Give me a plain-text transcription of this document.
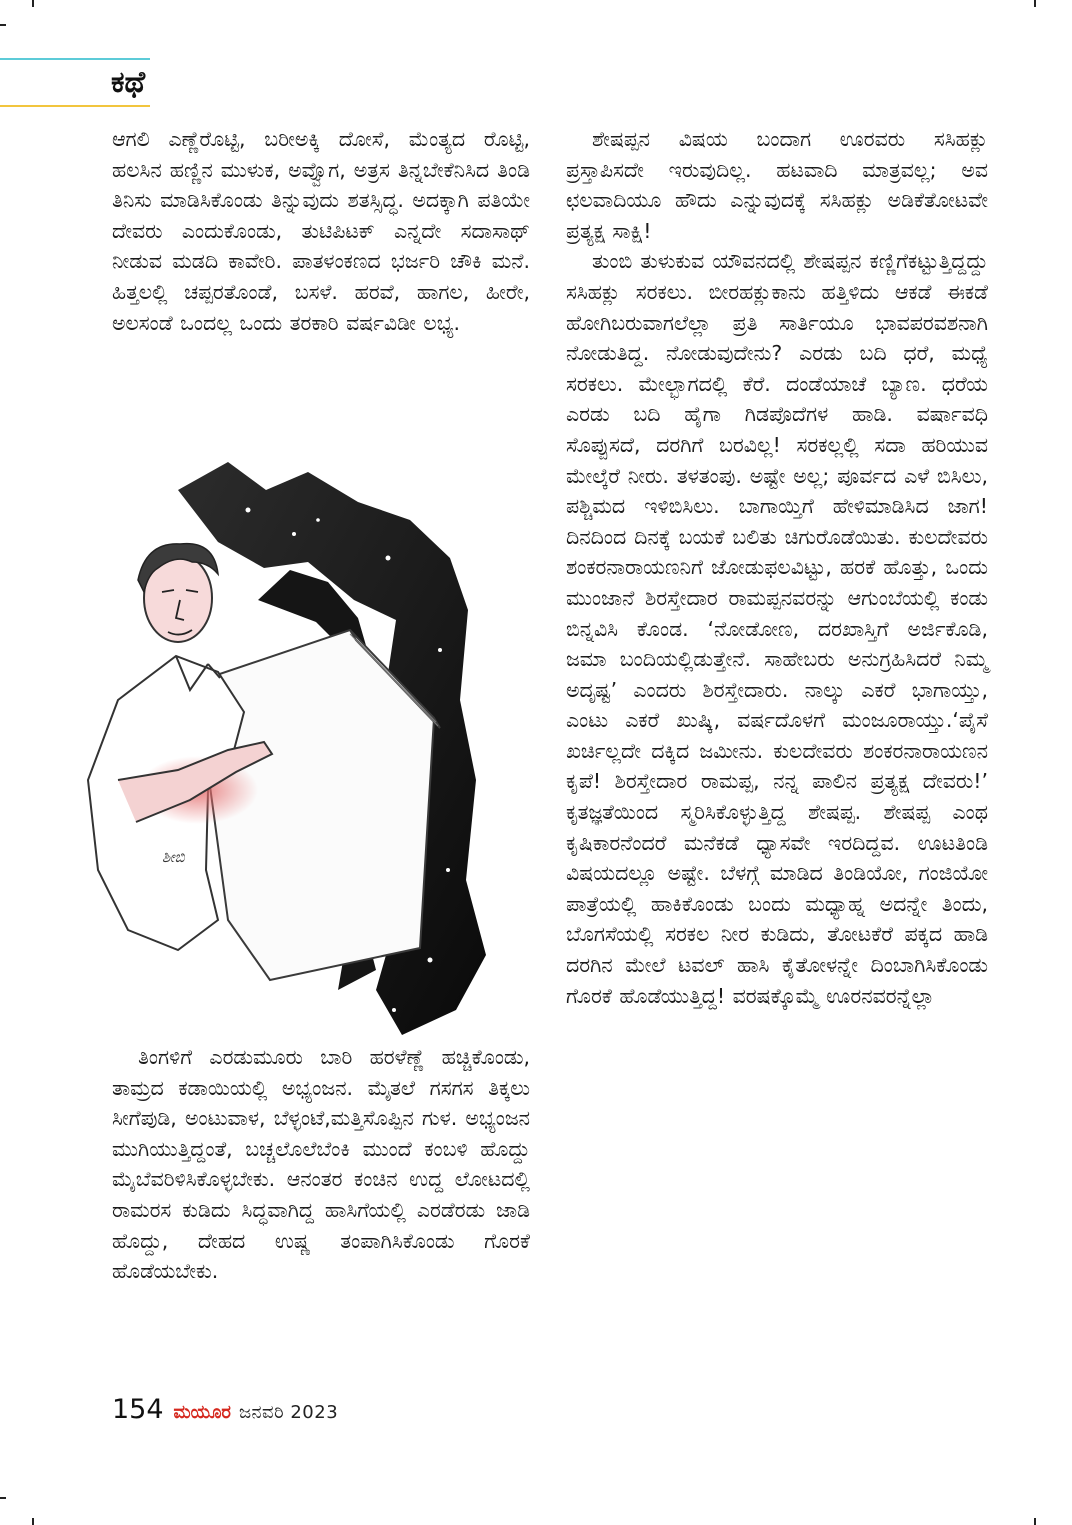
ಕಥೆ

ಆಗಲಿ ಎಣ್ಣೆರೊಟ್ಟಿ, ಬರೀಅಕ್ಕಿ ದೋಸೆ, ಮೆಂತ್ಯದ ರೊಟ್ಟಿ, ಹಲಸಿನ ಹಣ್ಣಿನ ಮುಳುಕ, ಅವ್ವೊಗ, ಅತ್ರಸ ತಿನ್ನಬೇಕೆನಿಸಿದ ತಿಂಡಿ ತಿನಿಸು ಮಾಡಿಸಿಕೊಂಡು ತಿನ್ನುವುದು ಶತಸ್ಸಿದ್ಧ. ಅದಕ್ಕಾಗಿ ಪತಿಯೇ ದೇವರು ಎಂದುಕೊಂಡು, ತುಟಿಪಿಟಕ್ ಎನ್ನದೇ ಸದಾಸಾಥ್ ನೀಡುವ ಮಡದಿ ಕಾವೇರಿ. ಪಾತಳಂಕಣದ ಭರ್ಜರಿ ಚೌಕಿ ಮನೆ. ಹಿತ್ತಲಲ್ಲಿ ಚಪ್ಪರತೊಂಡೆ, ಬಸಳೆ. ಹರವೆ, ಹಾಗಲ, ಹೀರೇ, ಅಲಸಂಡೆ ಒಂದಲ್ಲ ಒಂದು ತರಕಾರಿ ವರ್ಷವಿಡೀ ಲಭ್ಯ.

ಶೀಬಿ

ತಿಂಗಳಿಗೆ ಎರಡುಮೂರು ಬಾರಿ ಹರಳೆಣ್ಣೆ ಹಚ್ಚಿಕೊಂಡು, ತಾಮ್ರದ ಕಡಾಯಿಯಲ್ಲಿ ಅಭ್ಯಂಜನ. ಮೈತಲೆ ಗಸಗಸ ತಿಕ್ಕಲು ಸೀಗೆಪುಡಿ, ಅಂಟುವಾಳ, ಬೆಳ್ಳಂಟೆ,ಮತ್ತಿಸೊಪ್ಪಿನ ಗುಳ. ಅಭ್ಯಂಜನ ಮುಗಿಯುತ್ತಿದ್ದಂತೆ, ಬಚ್ಚಲೊಲೆಬೆಂಕಿ ಮುಂದೆ ಕಂಬಳಿ ಹೊದ್ದು ಮೈಬೆವರಿಳಿಸಿಕೊಳ್ಳಬೇಕು. ಆನಂತರ ಕಂಚಿನ ಉದ್ದ ಲೋಟದಲ್ಲಿ ರಾಮರಸ ಕುಡಿದು ಸಿದ್ಧವಾಗಿದ್ದ ಹಾಸಿಗೆಯಲ್ಲಿ ಎರಡೆರಡು ಜಾಡಿ ಹೊದ್ದು, ದೇಹದ ಉಷ್ಣ ತಂಪಾಗಿಸಿಕೊಂಡು ಗೊರಕೆ ಹೊಡೆಯಬೇಕು.

ಶೇಷಪ್ಪನ ವಿಷಯ ಬಂದಾಗ ಊರವರು ಸಸಿಹಕ್ಲು ಪ್ರಸ್ತಾಪಿಸದೇ ಇರುವುದಿಲ್ಲ. ಹಟವಾದಿ ಮಾತ್ರವಲ್ಲ; ಅವ ಛಲವಾದಿಯೂ ಹೌದು ಎನ್ನುವುದಕ್ಕೆ ಸಸಿಹಕ್ಲು ಅಡಿಕೆತೋಟವೇ ಪ್ರತ್ಯಕ್ಷ ಸಾಕ್ಷಿ!

ತುಂಬಿ ತುಳುಕುವ ಯೌವನದಲ್ಲಿ ಶೇಷಪ್ಪನ ಕಣ್ಣಿಗೆಕಟ್ಟುತ್ತಿದ್ದದ್ದು ಸಸಿಹಕ್ಲು ಸರಕಲು. ಬೀರಹಕ್ಲುಕಾನು ಹತ್ತಿಳಿದು ಆಕಡೆ ಈಕಡೆ ಹೋಗಿಬರುವಾಗಲೆಲ್ಲಾ ಪ್ರತಿ ಸಾರ್ತಿಯೂ ಭಾವಪರವಶನಾಗಿ ನೋಡುತಿದ್ದ. ನೋಡುವುದೇನು? ಎರಡು ಬದಿ ಧರೆ, ಮಧ್ಯೆ ಸರಕಲು. ಮೇಲ್ಭಾಗದಲ್ಲಿ ಕೆರೆ. ದಂಡೆಯಾಚೆ ಬ್ಯಾಣ. ಧರೆಯ ಎರಡು ಬದಿ ಹೈಗಾ ಗಿಡಪೊದೆಗಳ ಹಾಡಿ. ವರ್ಷಾವಧಿ ಸೊಪ್ಪುಸದೆ, ದರಗಿಗೆ ಬರವಿಲ್ಲ! ಸರಕಲ್ಲಲ್ಲಿ ಸದಾ ಹರಿಯುವ ಮೇಲ್ಕೆರೆ ನೀರು. ತಳತಂಪು. ಅಷ್ಟೇ ಅಲ್ಲ; ಪೂರ್ವದ ಎಳೆ ಬಿಸಿಲು, ಪಶ್ಚಿಮದ ಇಳಿಬಿಸಿಲು. ಬಾಗಾಯ್ತಿಗೆ ಹೇಳಿಮಾಡಿಸಿದ ಜಾಗ! ದಿನದಿಂದ ದಿನಕ್ಕೆ ಬಯಕೆ ಬಲಿತು ಚಿಗುರೊಡೆಯಿತು. ಕುಲದೇವರು ಶಂಕರನಾರಾಯಣನಿಗೆ ಜೋಡುಫಲವಿಟ್ಟು, ಹರಕೆ ಹೊತ್ತು, ಒಂದು ಮುಂಜಾನೆ ಶಿರಸ್ತೇದಾರ ರಾಮಪ್ಪನವರನ್ನು ಆಗುಂಬೆಯಲ್ಲಿ ಕಂಡು ಬಿನ್ನವಿಸಿ ಕೊಂಡ. ‘ನೋಡೋಣ, ದರಖಾಸ್ತಿಗೆ ಅರ್ಜಿಕೊಡಿ, ಜಮಾ ಬಂದಿಯಲ್ಲಿಡುತ್ತೇನೆ. ಸಾಹೇಬರು ಅನುಗ್ರಹಿಸಿದರೆ ನಿಮ್ಮ ಅದೃಷ್ಟ’ ಎಂದರು ಶಿರಸ್ತೇದಾರು. ನಾಲ್ಕು ಎಕರೆ ಭಾಗಾಯ್ತು, ಎಂಟು ಎಕರೆ ಖುಷ್ಕಿ, ವರ್ಷದೊಳಗೆ ಮಂಜೂರಾಯ್ತು.‘ಪೈಸೆ ಖರ್ಚಿಲ್ಲದೇ ದಕ್ಕಿದ ಜಮೀನು. ಕುಲದೇವರು ಶಂಕರನಾರಾಯಣನ ಕೃಪೆ! ಶಿರಸ್ತೇದಾರ ರಾಮಪ್ಪ, ನನ್ನ ಪಾಲಿನ ಪ್ರತ್ಯಕ್ಷ ದೇವರು!’ ಕೃತಜ್ಞತೆಯಿಂದ ಸ್ಮರಿಸಿಕೊಳ್ಳುತ್ತಿದ್ದ ಶೇಷಪ್ಪ. ಶೇಷಪ್ಪ ಎಂಥ ಕೃಷಿಕಾರನೆಂದರೆ ಮನೆಕಡೆ ಧ್ಯಾಸವೇ ಇರದಿದ್ದವ. ಊಟತಿಂಡಿ ವಿಷಯದಲ್ಲೂ ಅಷ್ಟೇ. ಬೆಳಗ್ಗೆ ಮಾಡಿದ ತಿಂಡಿಯೋ, ಗಂಜಿಯೋ ಪಾತ್ರೆಯಲ್ಲಿ ಹಾಕಿಕೊಂಡು ಬಂದು ಮಧ್ಯಾಹ್ನ ಅದನ್ನೇ ತಿಂದು, ಬೊಗಸೆಯಲ್ಲಿ ಸರಕಲ ನೀರ ಕುಡಿದು, ತೋಟಕೆರೆ ಪಕ್ಕದ ಹಾಡಿ ದರಗಿನ ಮೇಲೆ ಟವಲ್ ಹಾಸಿ ಕೈತೋಳನ್ನೇ ದಿಂಬಾಗಿಸಿಕೊಂಡು ಗೊರಕೆ ಹೊಡೆಯುತ್ತಿದ್ದ! ವರಷಕ್ಕೊಮ್ಮೆ ಊರನವರನ್ನೆಲ್ಲಾ

154 ಮಯೂರ ಜನವರಿ 2023
